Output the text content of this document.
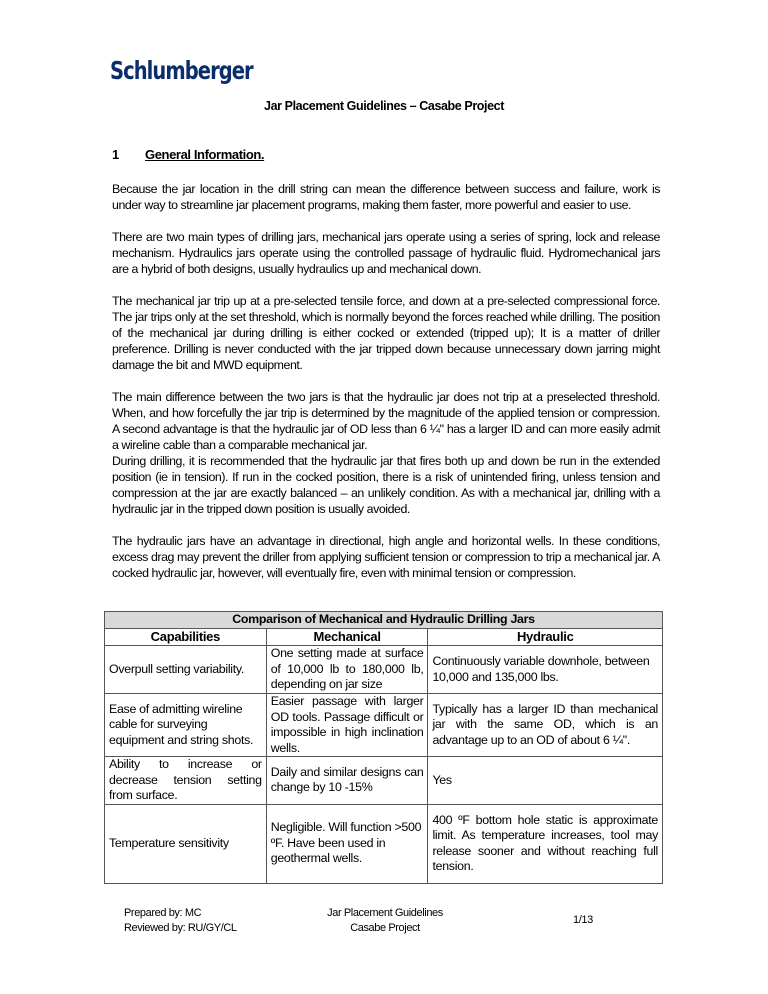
Schlumberger
Jar Placement Guidelines – Casabe Project
1 General Information.

Because the jar location in the drill string can mean the difference between success and failure, work is under way to streamline jar placement programs, making them faster, more powerful and easier to use.

There are two main types of drilling jars, mechanical jars operate using a series of spring, lock and release mechanism. Hydraulics jars operate using the controlled passage of hydraulic fluid. Hydromechanical jars are a hybrid of both designs, usually hydraulics up and mechanical down.

The mechanical jar trip up at a pre-selected tensile force, and down at a pre-selected compressional force. The jar trips only at the set threshold, which is normally beyond the forces reached while drilling. The position of the mechanical jar during drilling is either cocked or extended (tripped up); It is a matter of driller preference. Drilling is never conducted with the jar tripped down because unnecessary down jarring might damage the bit and MWD equipment.

The main difference between the two jars is that the hydraulic jar does not trip at a preselected threshold. When, and how forcefully the jar trip is determined by the magnitude of the applied tension or compression. A second advantage is that the hydraulic jar of OD less than 6 ¼" has a larger ID and can more easily admit a wireline cable than a comparable mechanical jar.

During drilling, it is recommended that the hydraulic jar that fires both up and down be run in the extended position (ie in tension). If run in the cocked position, there is a risk of unintended firing, unless tension and compression at the jar are exactly balanced – an unlikely condition. As with a mechanical jar, drilling with a hydraulic jar in the tripped down position is usually avoided.

The hydraulic jars have an advantage in directional, high angle and horizontal wells. In these conditions, excess drag may prevent the driller from applying sufficient tension or compression to trip a mechanical jar. A cocked hydraulic jar, however, will eventually fire, even with minimal tension or compression.

Comparison of Mechanical and Hydraulic Drilling Jars		
Capabilities	Mechanical	Hydraulic
Overpull setting variability.	One setting made at surface of 10,000 lb to 180,000 lb, depending on jar size	Continuously variable downhole, between 10,000 and 135,000 lbs.
Ease of admitting wireline cable for surveying equipment and string shots.	Easier passage with larger OD tools. Passage difficult or impossible in high inclination wells.	Typically has a larger ID than mechanical jar with the same OD, which is an advantage up to an OD of about 6 ¼".
Ability to increase or decrease tension setting from surface.	Daily and similar designs can change by 10 -15%	Yes
Temperature sensitivity	Negligible. Will function >500 ºF. Have been used in geothermal wells.	400 ºF bottom hole static is approximate limit. As temperature increases, tool may release sooner and without reaching full tension.
Prepared by: MC
Reviewed by: RU/GY/CL
Jar Placement Guidelines
Casabe Project
1/13
